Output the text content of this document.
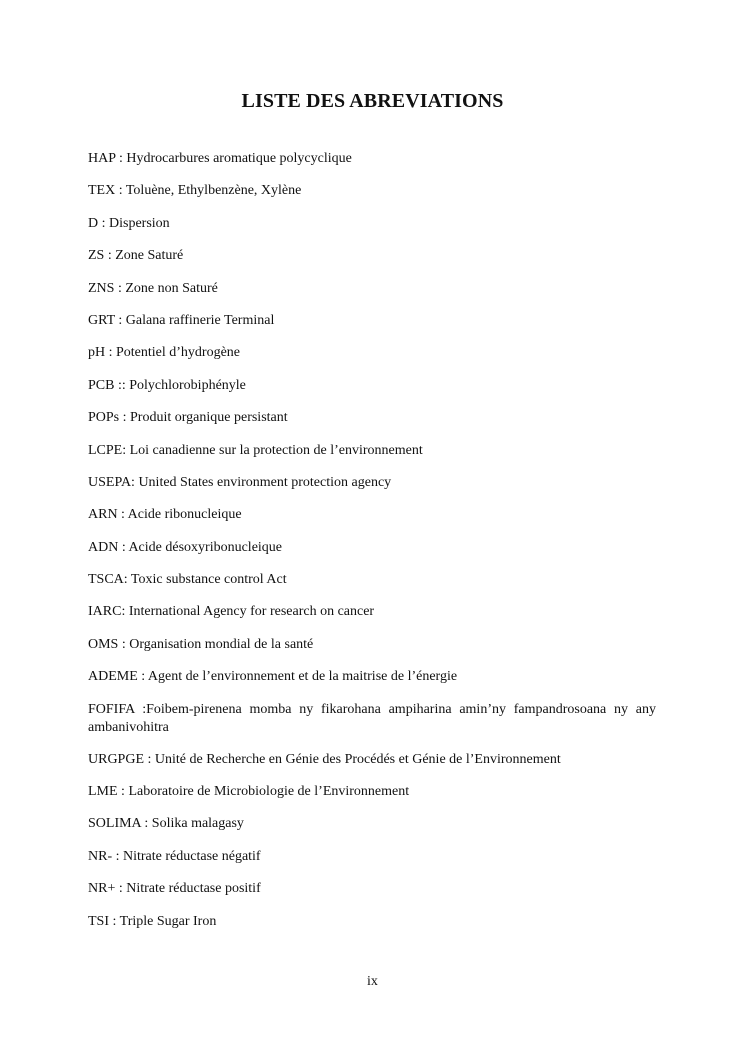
LISTE DES ABREVIATIONS
HAP : Hydrocarbures aromatique polycyclique
TEX : Toluène, Ethylbenzène, Xylène
D : Dispersion
ZS : Zone Saturé
ZNS : Zone non Saturé
GRT : Galana raffinerie Terminal
pH : Potentiel d’hydrogène
PCB :: Polychlorobiphényle
POPs : Produit organique persistant
LCPE: Loi canadienne sur la protection de l’environnement
USEPA: United States environment protection agency
ARN : Acide ribonucleique
ADN : Acide désoxyribonucleique
TSCA: Toxic substance control Act
IARC: International Agency for research on cancer
OMS : Organisation mondial de la santé
ADEME : Agent de l’environnement et de la maitrise de l’énergie
FOFIFA :Foibem-pirenena momba ny fikarohana ampiharina amin’ny fampandrosoana ny any ambanivohitra
URGPGE : Unité de Recherche en Génie des Procédés et Génie de l’Environnement
LME : Laboratoire de Microbiologie de l’Environnement
SOLIMA : Solika malagasy
NR- : Nitrate réductase négatif
NR+ : Nitrate réductase positif
TSI : Triple Sugar Iron
ix
